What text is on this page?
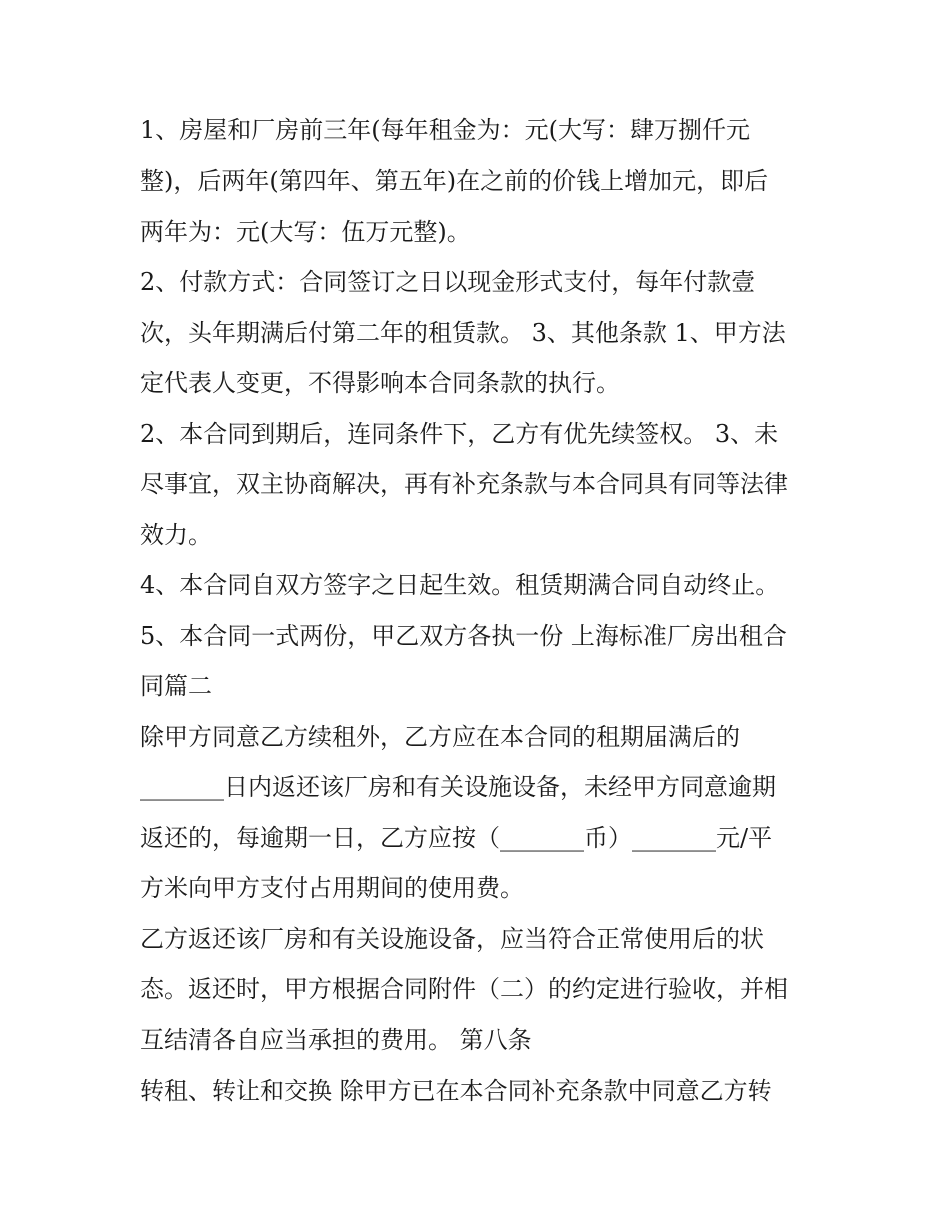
1、房屋和厂房前三年(每年租金为：元(大写：肆万捌仟元

整)，后两年(第四年、第五年)在之前的价钱上增加元，即后

两年为：元(大写：伍万元整)。

2、付款方式：合同签订之日以现金形式支付，每年付款壹

次，头年期满后付第二年的租赁款。 3、其他条款 1、甲方法

定代表人变更，不得影响本合同条款的执行。

2、本合同到期后，连同条件下，乙方有优先续签权。 3、未

尽事宜，双主协商解决，再有补充条款与本合同具有同等法律

效力。

4、本合同自双方签字之日起生效。租赁期满合同自动终止。

5、本合同一式两份，甲乙双方各执一份 上海标准厂房出租合

同篇二

除甲方同意乙方续租外，乙方应在本合同的租期届满后的

_______日内返还该厂房和有关设施设备，未经甲方同意逾期

返还的，每逾期一日，乙方应按（_______币）_______元/平

方米向甲方支付占用期间的使用费。

乙方返还该厂房和有关设施设备，应当符合正常使用后的状

态。返还时，甲方根据合同附件（二）的约定进行验收，并相

互结清各自应当承担的费用。 第八条

转租、转让和交换 除甲方已在本合同补充条款中同意乙方转
